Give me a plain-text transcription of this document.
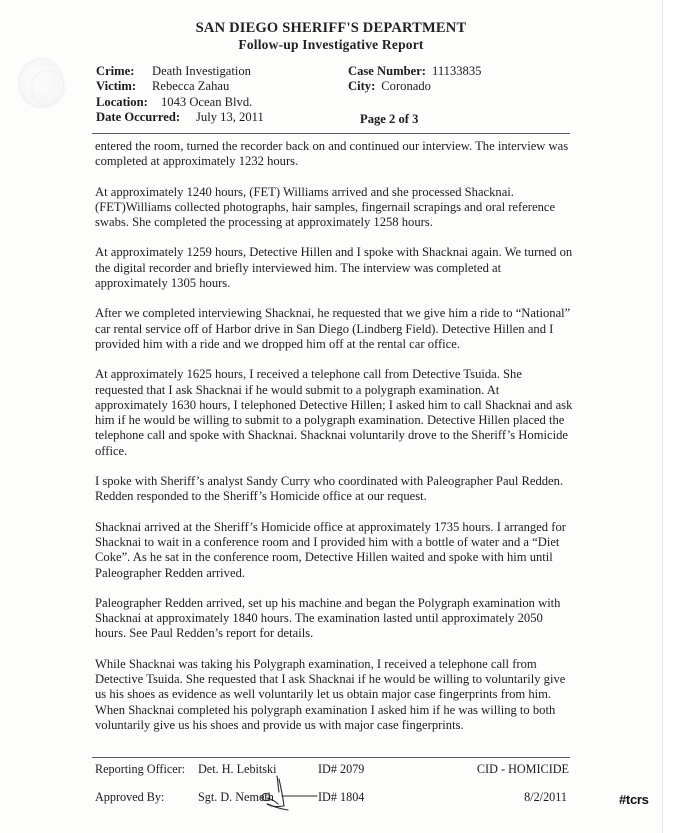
SAN DIEGO SHERIFF'S DEPARTMENT
Follow-up Investigative Report
Crime:	Death Investigation	Case Number: 11133835
Victim:	Rebecca Zahau	City: Coronado
Location:	1043 Ocean Blvd.
Date Occurred:	July 13, 2011	Page 2 of 3

entered the room, turned the recorder back on and continued our interview. The interview was completed at approximately 1232 hours.

At approximately 1240 hours, (FET) Williams arrived and she processed Shacknai. (FET)Williams collected photographs, hair samples, fingernail scrapings and oral reference swabs. She completed the processing at approximately 1258 hours.

At approximately 1259 hours, Detective Hillen and I spoke with Shacknai again. We turned on the digital recorder and briefly interviewed him. The interview was completed at approximately 1305 hours.

After we completed interviewing Shacknai, he requested that we give him a ride to “National” car rental service off of Harbor drive in San Diego (Lindberg Field). Detective Hillen and I provided him with a ride and we dropped him off at the rental car office.

At approximately 1625 hours, I received a telephone call from Detective Tsuida. She requested that I ask Shacknai if he would submit to a polygraph examination. At approximately 1630 hours, I telephoned Detective Hillen; I asked him to call Shacknai and ask him if he would be willing to submit to a polygraph examination. Detective Hillen placed the telephone call and spoke with Shacknai. Shacknai voluntarily drove to the Sheriff’s Homicide office.

I spoke with Sheriff’s analyst Sandy Curry who coordinated with Paleographer Paul Redden. Redden responded to the Sheriff’s Homicide office at our request.

Shacknai arrived at the Sheriff’s Homicide office at approximately 1735 hours. I arranged for Shacknai to wait in a conference room and I provided him with a bottle of water and a “Diet Coke”. As he sat in the conference room, Detective Hillen waited and spoke with him until Paleographer Redden arrived.

Paleographer Redden arrived, set up his machine and began the Polygraph examination with Shacknai at approximately 1840 hours. The examination lasted until approximately 2050 hours. See Paul Redden’s report for details.

While Shacknai was taking his Polygraph examination, I received a telephone call from Detective Tsuida. She requested that I ask Shacknai if he would be willing to voluntarily give us his shoes as evidence as well voluntarily let us obtain major case fingerprints from him. When Shacknai completed his polygraph examination I asked him if he was willing to both voluntarily give us his shoes and provide us with major case fingerprints.

Reporting Officer:	Det. H. Lebitski	ID# 2079	CID - HOMICIDE
Approved By:	Sgt. D. Nemeth	ID# 1804	8/2/2011	#tcrs
